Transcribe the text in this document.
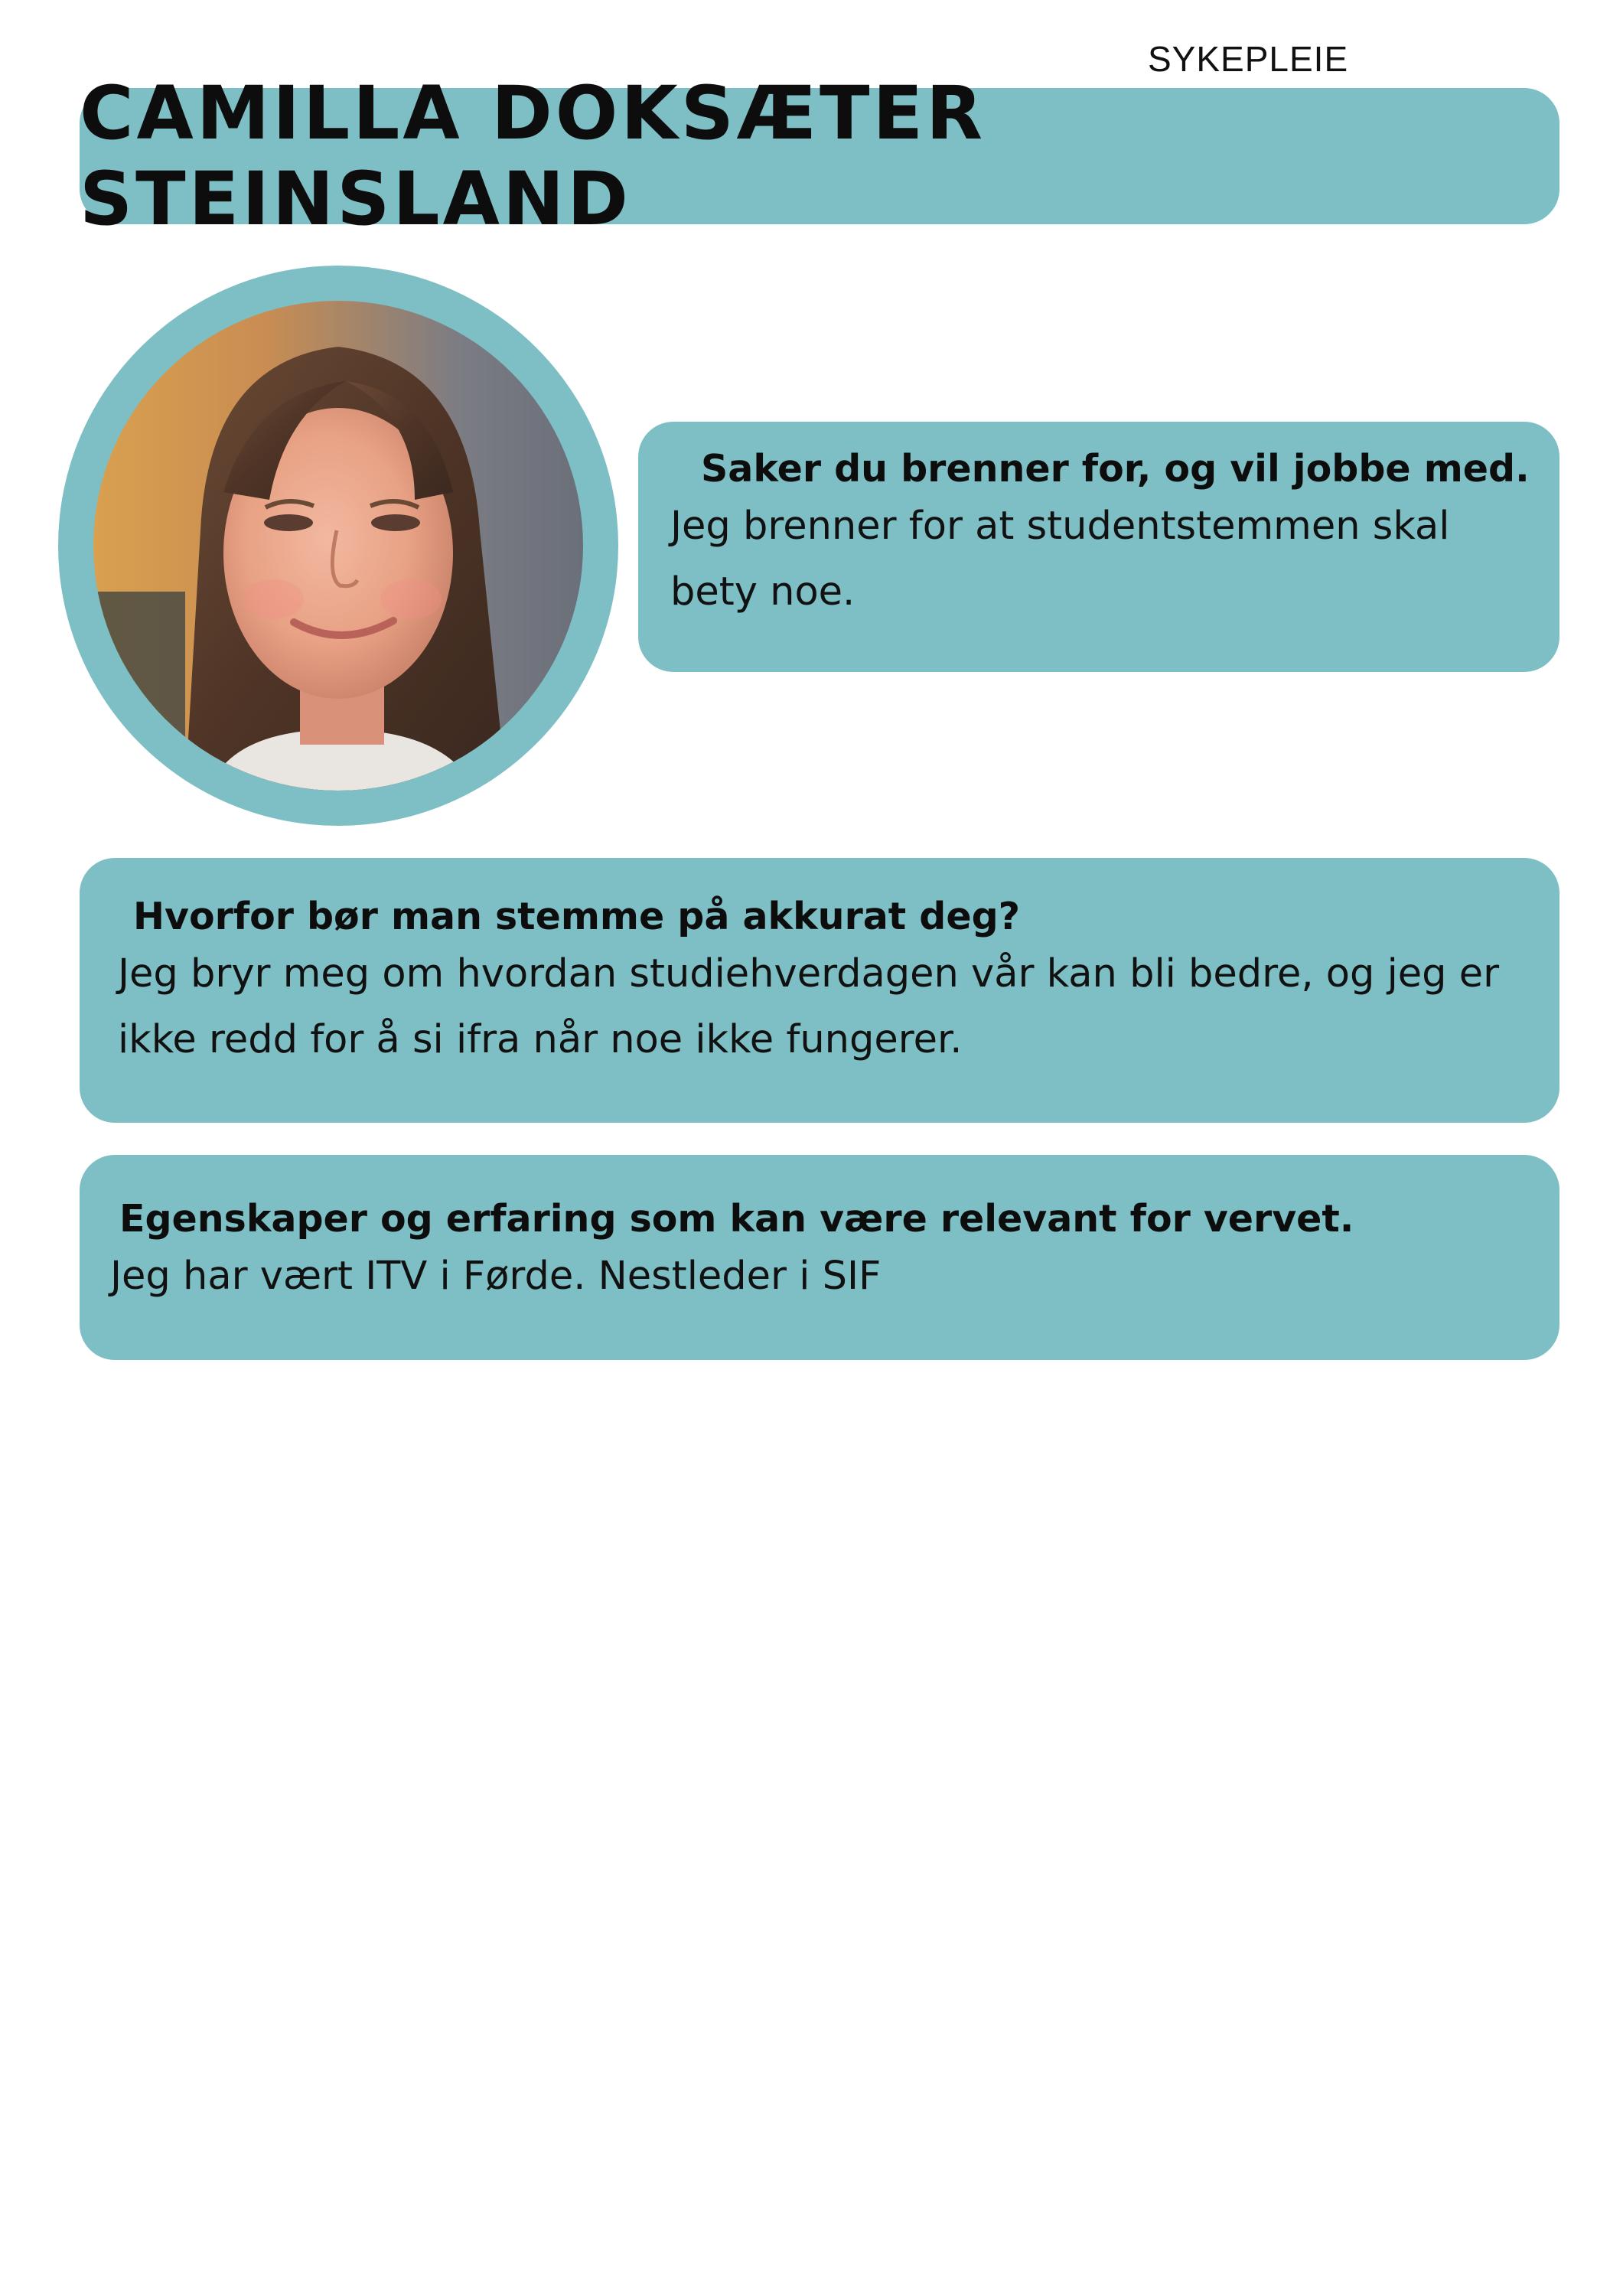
SYKEPLEIE
CAMILLA DOKSÆTER STEINSLAND
Saker du brenner for, og vil jobbe med.

Jeg brenner for at studentstemmen skal bety noe.

Hvorfor bør man stemme på akkurat deg?

Jeg bryr meg om hvordan studiehverdagen vår kan bli bedre, og jeg er ikke redd for å si ifra når noe ikke fungerer.

Egenskaper og erfaring som kan være relevant for vervet.

Jeg har vært ITV i Førde. Nestleder i SIF
